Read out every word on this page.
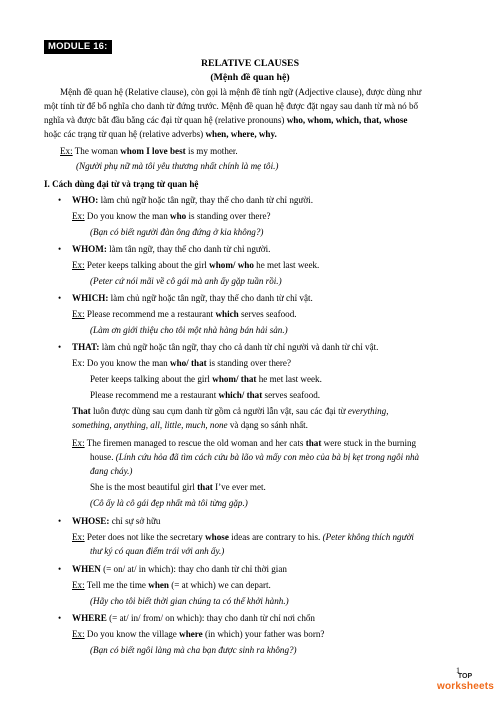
MODULE 16:
RELATIVE CLAUSES
(Mệnh đề quan hệ)
Mệnh đề quan hệ (Relative clause), còn gọi là mệnh đề tính ngữ (Adjective clause), được dùng như
một tính từ để bổ nghĩa cho danh từ đứng trước. Mệnh đề quan hệ được đặt ngay sau danh từ mà nó bổ
nghĩa và được bắt đầu bằng các đại từ quan hệ (relative pronouns) who, whom, which, that, whose
hoặc các trạng từ quan hệ (relative adverbs) when, where, why.
Ex: The woman whom I love best is my mother.
(Người phụ nữ mà tôi yêu thương nhất chính là mẹ tôi.)
I. Cách dùng đại từ và trạng từ quan hệ
• WHO: làm chủ ngữ hoặc tân ngữ, thay thế cho danh từ chỉ người.
Ex: Do you know the man who is standing over there?
(Bạn có biết người đàn ông đứng ở kia không?)
• WHOM: làm tân ngữ, thay thế cho danh từ chỉ người.
Ex: Peter keeps talking about the girl whom/ who he met last week.
(Peter cứ nói mãi về cô gái mà anh ấy gặp tuần rồi.)
• WHICH: làm chủ ngữ hoặc tân ngữ, thay thế cho danh từ chỉ vật.
Ex: Please recommend me a restaurant which serves seafood.
(Làm ơn giới thiệu cho tôi một nhà hàng bán hải sản.)
• THAT: làm chủ ngữ hoặc tân ngữ, thay cho cả danh từ chỉ người và danh từ chỉ vật.
Ex: Do you know the man who/ that is standing over there?
Peter keeps talking about the girl whom/ that he met last week.
Please recommend me a restaurant which/ that serves seafood.
That luôn được dùng sau cụm danh từ gồm cả người lẫn vật, sau các đại từ everything,
something, anything, all, little, much, none và dạng so sánh nhất.
Ex: The firemen managed to rescue the old woman and her cats that were stuck in the burning
house. (Lính cứu hỏa đã tìm cách cứu bà lão và mấy con mèo của bà bị kẹt trong ngôi nhà
đang cháy.)
She is the most beautiful girl that I’ve ever met.
(Cô ấy là cô gái đẹp nhất mà tôi từng gặp.)
• WHOSE: chỉ sự sở hữu
Ex: Peter does not like the secretary whose ideas are contrary to his. (Peter không thích người
thư ký có quan điểm trái với anh ấy.)
• WHEN (= on/ at/ in which): thay cho danh từ chỉ thời gian
Ex: Tell me the time when (= at which) we can depart.
(Hãy cho tôi biết thời gian chúng ta có thể khởi hành.)
• WHERE (= at/ in/ from/ on which): thay cho danh từ chỉ nơi chốn
Ex: Do you know the village where (in which) your father was born?
(Bạn có biết ngôi làng mà cha bạn được sinh ra không?)
1
TOP
worksheets
